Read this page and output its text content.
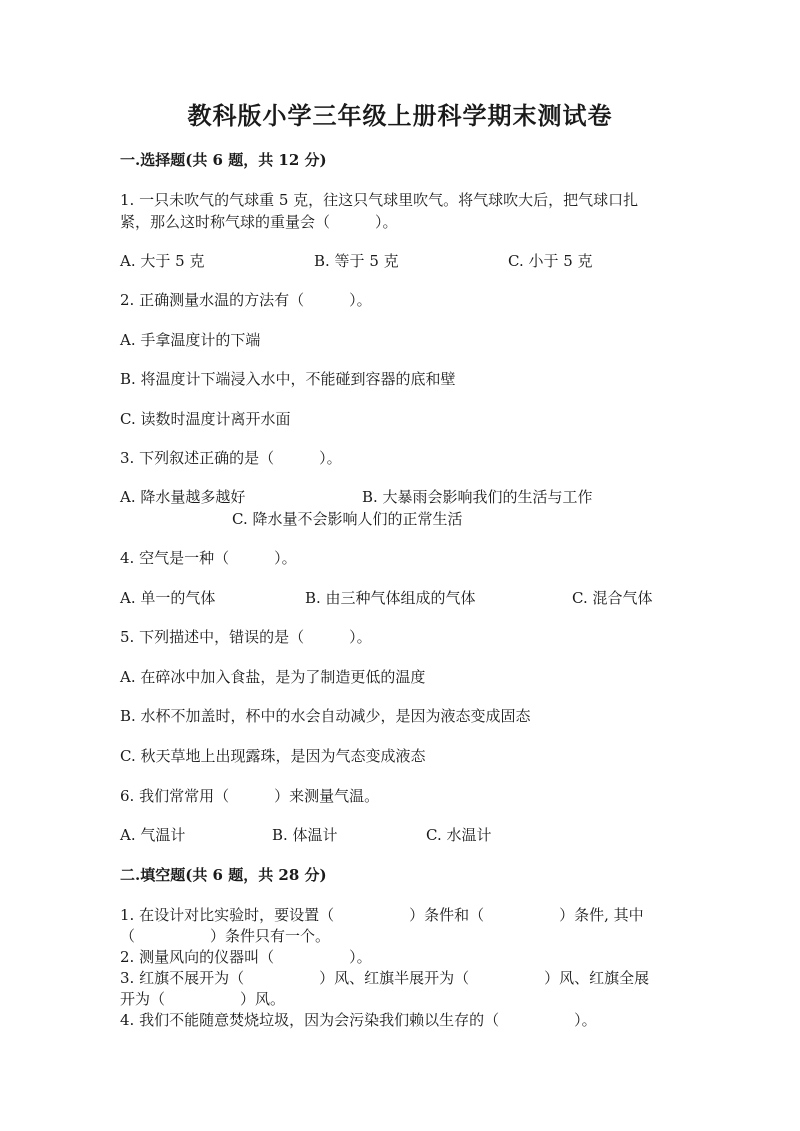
教科版小学三年级上册科学期末测试卷
一.选择题(共 6 题，共 12 分)
1. 一只未吹气的气球重 5 克，往这只气球里吹气。将气球吹大后，把气球口扎
紧，那么这时称气球的重量会（　　　）。
A. 大于 5 克	B. 等于 5 克	C. 小于 5 克
2. 正确测量水温的方法有（　　　）。
A. 手拿温度计的下端
B. 将温度计下端浸入水中，不能碰到容器的底和壁
C. 读数时温度计离开水面
3. 下列叙述正确的是（　　　）。
A. 降水量越多越好	B. 大暴雨会影响我们的生活与工作
C. 降水量不会影响人们的正常生活
4. 空气是一种（　　　）。
A. 单一的气体	B. 由三种气体组成的气体	C. 混合气体
5. 下列描述中，错误的是（　　　）。
A. 在碎冰中加入食盐，是为了制造更低的温度
B. 水杯不加盖时，杯中的水会自动减少，是因为液态变成固态
C. 秋天草地上出现露珠，是因为气态变成液态
6. 我们常常用（　　　）来测量气温。
A. 气温计	B. 体温计	C. 水温计
二.填空题(共 6 题，共 28 分)
1. 在设计对比实验时，要设置（　　　　　）条件和（　　　　　）条件, 其中
（　　　　　）条件只有一个。
2. 测量风向的仪器叫（　　　　　）。
3. 红旗不展开为（　　　　　）风、红旗半展开为（　　　　　）风、红旗全展
开为（　　　　　）风。
4. 我们不能随意焚烧垃圾，因为会污染我们赖以生存的（　　　　　）。
